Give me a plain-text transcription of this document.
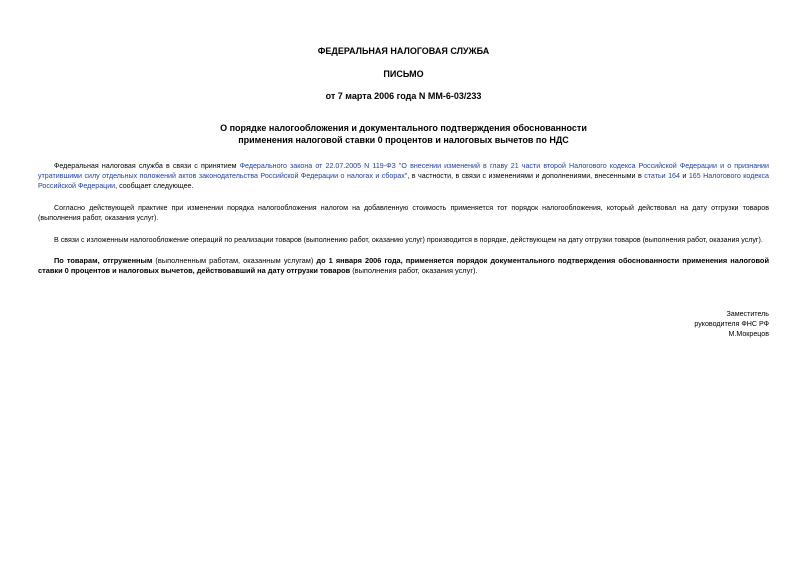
ФЕДЕРАЛЬНАЯ НАЛОГОВАЯ СЛУЖБА
ПИСЬМО
от 7 марта 2006 года N ММ-6-03/233
О порядке налогообложения и документального подтверждения обоснованности
применения налоговой ставки 0 процентов и налоговых вычетов по НДС
Федеральная налоговая служба в связи с принятием Федерального закона от 22.07.2005 N 119-ФЗ "О внесении изменений в главу 21 части второй Налогового кодекса Российской Федерации и о признании утратившими силу отдельных положений актов законодательства Российской Федерации о налогах и сборах", в частности, в связи с изменениями и дополнениями, внесенными в статьи 164 и 165 Налогового кодекса Российской Федерации, сообщает следующее.
Согласно действующей практике при изменении порядка налогообложения налогом на добавленную стоимость применяется тот порядок налогообложения, который действовал на дату отгрузки товаров (выполнения работ, оказания услуг).
В связи с изложенным налогообложение операций по реализации товаров (выполнению работ, оказанию услуг) производится в порядке, действующем на дату отгрузки товаров (выполнения работ, оказания услуг).
По товарам, отгруженным (выполненным работам, оказанным услугам) до 1 января 2006 года, применяется порядок документального подтверждения обоснованности применения налоговой ставки 0 процентов и налоговых вычетов, действовавший на дату отгрузки товаров (выполнения работ, оказания услуг).
Заместитель
руководителя ФНС РФ
М.Мокрецов
